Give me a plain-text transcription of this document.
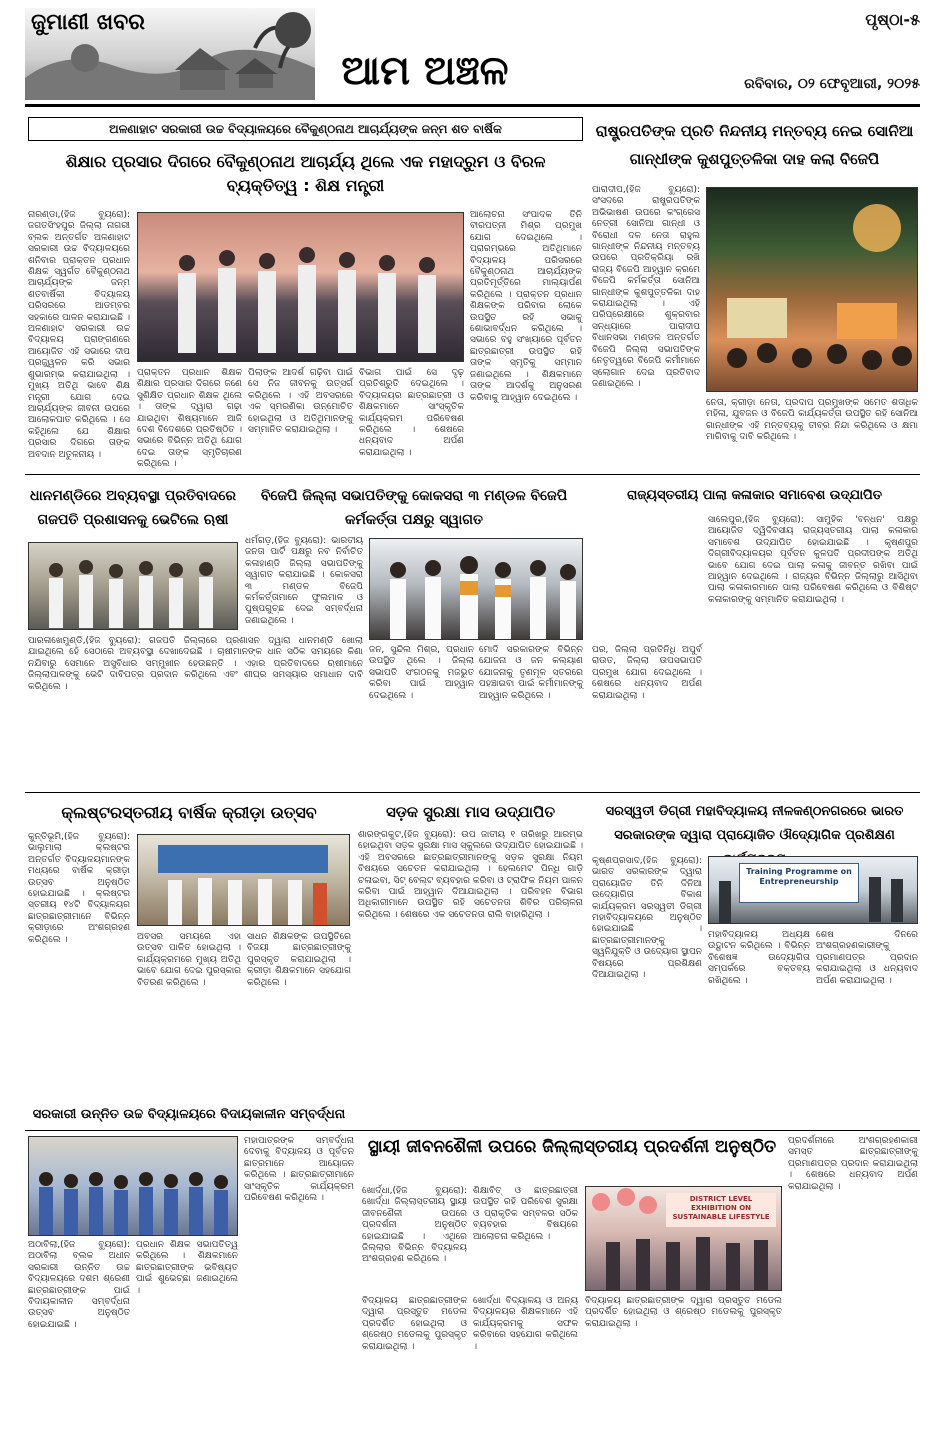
ଜୁମାଣୀ ଖବର
ଆମ ଅଞ୍ଚଳ
ପୃଷ୍ଠା-୫
ରବିବାର, ୦୨ ଫେବୃଆରୀ, ୨୦୨୫
ଅଳଣାହାଟ ସରକାରୀ ଉଚ୍ଚ ବିଦ୍ୟାଳୟରେ ବୈକୁଣ୍ଠନାଥ ଆଚାର୍ଯ୍ୟଙ୍କ ଜନ୍ମ ଶତ ବାର୍ଷିକ
ଶିକ୍ଷାର ପ୍ରସାର ଦିଗରେ ବୈକୁଣ୍ଠନାଥ ଆଚାର୍ଯ୍ୟ ଥିଲେ ଏକ ମହାଦ୍ରୁମ ଓ ବିରଳ ବ୍ୟକ୍ତିତ୍ୱ : ଶିକ୍ଷ ମନ୍ତ୍ରୀ
ନାରଣ୍ଡା,(ହିଜ ବ୍ୟୁରୋ): ଜଗତସିଂହପୁର ଜିଲ୍ଲା ନାଗରୀ ବ୍ଲକ ଅନ୍ତର୍ଗତ ଅଳଣାହାଟ ସରକାରୀ ଉଚ୍ଚ ବିଦ୍ୟାଳୟରେ ଶନିବାର ପ୍ରାକ୍ତନ ପ୍ରଧାନ ଶିକ୍ଷକ ସ୍ୱର୍ଗତ ବୈକୁଣ୍ଠନାଥ ଆଚାର୍ଯ୍ୟଙ୍କ ଜନ୍ମ ଶତବାର୍ଷିକୀ ବିଦ୍ୟାଳୟ ପରିସରରେ ଆଡମ୍ବର ସହକାରେ ପାଳନ କରାଯାଇଛି । ଅଳଣାହାଟ ସରକାରୀ ଉଚ୍ଚ ବିଦ୍ୟାଳୟ ପ୍ରାଙ୍ଗଣରେ ଆୟୋଜିତ ଏହି ସଭାରେ ଦୀପ ପ୍ରଜ୍ଜ୍ୱଳନ କରି ସଭାର ଶୁଭାରମ୍ଭ କରାଯାଇଥିଲା । ମୁଖ୍ୟ ଅତିଥି ଭାବେ ଶିକ୍ଷ ମନ୍ତ୍ରୀ ଯୋଗ ଦେଇ ଆଚାର୍ଯ୍ୟଙ୍କ ଜୀବନୀ ଉପରେ ଆଲୋକପାତ କରିଥିଲେ । ସେ କହିଥିଲେ ଯେ ଶିକ୍ଷାର ପ୍ରସାର ଦିଗରେ ତାଙ୍କ ଅବଦାନ ଅତୁଳନୀୟ ।
ପ୍ରାକ୍ତନ ପ୍ରଧାନ ଶିକ୍ଷକ ଶିକ୍ଷାର ପ୍ରସାର ଦିଗରେ ଜଣେ ସୁଶିକ୍ଷିତ ପ୍ରଧାନ ଶିକ୍ଷକ ଥିଲେ । ତାଙ୍କ ଦ୍ୱାରା ଗଢ଼ା ଯାଇଥିବା ଶିଷ୍ୟମାନେ ଆଜି ଦେଶ ବିଦେଶରେ ପ୍ରତିଷ୍ଠିତ । ସଭାରେ ବିଭିନ୍ନ ଅତିଥି ଯୋଗ ଦେଇ ତାଙ୍କ ସ୍ମୃତିଚାରଣ କରିଥିଲେ ।
ପିଲାଙ୍କ ଆଦର୍ଶ ଗଢ଼ିବା ପାଇଁ ସେ ନିଜ ଜୀବନକୁ ଉତ୍ସର୍ଗ କରିଥିଲେ । ଏହି ଅବସରରେ ଏକ ସ୍ମରଣିକା ଉନ୍ମୋଚିତ ହୋଇଥିଲା ଓ ଅତିଥିମାନଙ୍କୁ ସମ୍ମାନିତ କରାଯାଇଥିଲା ।
ବିଭାଗ ପାଇଁ ସେ ଦୃଢ଼ ପ୍ରତିଶ୍ରୁତି ଦେଇଥିଲେ । ବିଦ୍ୟାଳୟର ଛାତ୍ରଛାତ୍ରୀ ଓ ଶିକ୍ଷକମାନେ ସାଂସ୍କୃତିକ କାର୍ଯ୍ୟକ୍ରମ ପରିବେଷଣ କରିଥିଲେ । ଶେଷରେ ଧନ୍ୟବାଦ ଅର୍ପଣ କରାଯାଇଥିଲା ।
ଆଲୋଚନା ସଂପାଦକ ତିନି ବୀରପତ୍ନୀ ମିଶ୍ର ପ୍ରମୁଖ ଯୋଗ ଦେଇଥିଲେ । ପ୍ରାରମ୍ଭରେ ଅତିଥିମାନେ ବିଦ୍ୟାଳୟ ପରିସରରେ ବୈକୁଣ୍ଠନାଥ ଆଚାର୍ଯ୍ୟଙ୍କ ପ୍ରତିମୂର୍ତ୍ତିରେ ମାଲ୍ୟାର୍ପଣ କରିଥିଲେ । ପ୍ରାକ୍ତନ ପ୍ରଧାନ ଶିକ୍ଷକଙ୍କ ପରିବାର ଲୋକେ ଉପସ୍ଥିତ ରହି ସଭାକୁ ଶୋଭାବର୍ଦ୍ଧନ କରିଥିଲେ । ସଭାରେ ବହୁ ସଂଖ୍ୟାରେ ପୂର୍ବତନ ଛାତ୍ରଛାତ୍ରୀ ଉପସ୍ଥିତ ରହି ତାଙ୍କ ସ୍ମୃତିକୁ ସମ୍ମାନ ଜଣାଇଥିଲେ । ଶିକ୍ଷକମାନେ ତାଙ୍କ ଆଦର୍ଶକୁ ଅନୁସରଣ କରିବାକୁ ଆହ୍ୱାନ ଦେଇଥିଲେ ।
ରାଷ୍ଟ୍ରପତିଙ୍କ ପ୍ରତି ନିନ୍ଦନୀୟ ମନ୍ତବ୍ୟ ନେଇ ସୋନିଆ ଗାନ୍ଧୀଙ୍କ କୁଶପୁତ୍ତଳିକା ଦାହ କଲା ବିଜେପି
ପାରାଦୀପ,(ହିଜ ବ୍ୟୁରୋ): ସଂସଦରେ ରାଷ୍ଟ୍ରପତିଙ୍କ ଅଭିଭାଷଣ ଉପରେ କଂଗ୍ରେସ ନେତ୍ରୀ ସୋନିଆ ଗାନ୍ଧୀ ଓ ବିରୋଧୀ ଦଳ ନେତା ରାହୁଲ ଗାନ୍ଧୀଙ୍କ ନିନ୍ଦନୀୟ ମନ୍ତବ୍ୟ ଉପରେ ପ୍ରତିକ୍ରିୟା ରଖି ରାଜ୍ୟ ବିଜେପି ଆହ୍ୱାନ କ୍ରମେ ବିଜେପି କର୍ମକର୍ତ୍ତା ସୋନିଆ ଗାନ୍ଧୀଙ୍କ କୁଶପୁତ୍ତଳିକା ଦାହ କରାଯାଇଥିଲା । ଏହି ପରିପ୍ରେକ୍ଷୀରେ ଶୁକ୍ରବାର ସନ୍ଧ୍ୟାରେ ପାରାଦୀପ ବିଧାନସଭା ମଣ୍ଡଳ ଅନ୍ତର୍ଗତ ବିଜେପି ଜିଲ୍ଲା ସଭାପତିଙ୍କ ନେତୃତ୍ୱରେ ବିଜେପି କର୍ମୀମାନେ ସ୍ଲୋଗାନ ଦେଇ ପ୍ରତିବାଦ ଜଣାଇଥିଲେ ।
ନେତା, କ୍ରୀଡ଼ା ନେତା, ପ୍ରଦାପ ପ୍ରମୁଖଙ୍କ ସମେତ ଶତାଧିକ ମହିଳା, ଯୁବଜନ ଓ ବିଜେପି କାର୍ଯ୍ୟକର୍ତ୍ତା ଉପସ୍ଥିତ ରହି ସୋନିଆ ଗାନ୍ଧୀଙ୍କ ଏହି ମନ୍ତବ୍ୟକୁ ତୀବ୍ର ନିନ୍ଦା କରିଥିଲେ ଓ କ୍ଷମା ମାଗିବାକୁ ଦାବି କରିଥିଲେ ।
ଧାନମଣ୍ଡିରେ ଅବ୍ୟବସ୍ଥା ପ୍ରତିବାଦରେ ଗଜପତି ପ୍ରଶାସନକୁ ଭେଟିଲେ ଋଷୀ
ପାରଳାଖେମୁଣ୍ଡି,(ହିଜ ବ୍ୟୁରୋ): ଗଜପତି ଜିଲ୍ଲାରେ ପ୍ରଶାସନ ଦ୍ୱାରା ଧାନମଣ୍ଡି ଖୋଲା ଯାଇଥିଲେ ହେଁ ସେଠାରେ ଅବ୍ୟବସ୍ଥା ଦେଖାଦେଇଛି । ଚାଷୀମାନଙ୍କ ଧାନ ସଠିକ ସମୟରେ କିଣା ନଯିବାରୁ ସେମାନେ ଅସୁବିଧାର ସମ୍ମୁଖୀନ ହେଉଛନ୍ତି । ଏହାର ପ୍ରତିବାଦରେ ଋଷୀମାନେ ଜିଲ୍ଲାପାଳଙ୍କୁ ଭେଟି ଦାବିପତ୍ର ପ୍ରଦାନ କରିଥିଲେ ଏବଂ ଶୀଘ୍ର ସମସ୍ୟାର ସମାଧାନ ଦାବି କରିଥିଲେ ।
ବିଜେପି ଜିଲ୍ଲା ସଭାପତିଙ୍କୁ କୋକସରା ୩ ମଣ୍ଡଳ ବିଜେପି କର୍ମକର୍ତ୍ତା ପକ୍ଷରୁ ସ୍ୱାଗତ
ଧର୍ମଗଡ଼,(ହିଜ ବ୍ୟୁରୋ): ଭାରତୀୟ ଜନତା ପାର୍ଟି ପକ୍ଷରୁ ନବ ନିର୍ବାଚିତ କଳାହାଣ୍ଡି ଜିଲ୍ଲା ସଭାପତିଙ୍କୁ ସ୍ୱାଗତ କରାଯାଇଛି । କୋକସରା ୩ ମଣ୍ଡଳ ବିଜେପି କର୍ମକର୍ତ୍ତାମାନେ ଫୁଲମାଳ ଓ ପୁଷ୍ପଗୁଚ୍ଛ ଦେଇ ସମ୍ବର୍ଦ୍ଧନା ଜଣାଇଥିଲେ ।
ଜନ, ସୁନ୍ଦିଲ ମିଶ୍ର, ପ୍ରଧାନ ଉପସ୍ଥିତ ଥିଲେ । ଜିଲ୍ଲା ସଭାପତି ସଂଗଠନକୁ ମଜଭୁତ କରିବା ପାଇଁ ଆହ୍ୱାନ ଦେଇଥିଲେ ।
ମୋଦି ସରକାରଙ୍କ ବିଭିନ୍ନ ଯୋଜନା ଓ ଜନ କଲ୍ୟାଣ ଯୋଜନାକୁ ତୃଣମୂଳ ସ୍ତରରେ ପହଞ୍ଚାଇବା ପାଇଁ କର୍ମୀମାନଙ୍କୁ ଆହ୍ୱାନ କରିଥିଲେ ।
ପର, ଜିଲ୍ଲା ପ୍ରତିନିଧି ଅପୁର୍ବ ରାଉତ, ଜିଲ୍ଲା ଉପସଭାପତି ପ୍ରମୁଖ ଯୋଗ ଦେଇଥିଲେ । ଶେଷରେ ଧନ୍ୟବାଦ ଅର୍ପଣ କରାଯାଇଥିଲା ।
ରାଜ୍ୟସ୍ତରୀୟ ପାଲା କଳାକାର ସମାବେଶ ଉଦ୍ଯାପିତ
ସାଲେପୁର,(ହିଜ ବ୍ୟୁରୋ): ସାମୁହିକ 'ବନ୍ଧନ' ପକ୍ଷରୁ ଆୟୋଜିତ ଦ୍ୱିଦିବସୀୟ ରାଜ୍ୟସ୍ତରୀୟ ପାଲା କଳାକାର ସମାବେଶ ଉଦ୍ଯାପିତ ହୋଇଯାଇଛି । କୃଷ୍ଣପୁର ଦିଗ୍ରୀବିଦ୍ୟାଳୟର ପୂର୍ବତନ କୁଳପତି ପ୍ରଦୀପଙ୍କ ଅତିଥି ଭାବେ ଯୋଗ ଦେଇ ପାଲା କଳାକୁ ଜୀବନ୍ତ ରଖିବା ପାଇଁ ଆହ୍ୱାନ ଦେଇଥିଲେ । ରାଜ୍ୟର ବିଭିନ୍ନ ଜିଲ୍ଲାରୁ ଆସିଥିବା ପାଲା କଳାକାରମାନେ ପାଲା ପରିବେଷଣ କରିଥିଲେ ଓ ବିଶିଷ୍ଟ କଳାକାରଙ୍କୁ ସମ୍ମାନିତ କରାଯାଇଥିଲା ।
କ୍ଲଷ୍ଟରସ୍ତରୀୟ ବାର୍ଷିକ କ୍ରୀଡ଼ା ଉତ୍ସବ
କୁନ୍ତିଭୂମି,(ହିଜ ବ୍ୟୁରୋ): ଭାଲୁମାଲା କ୍ଲଷ୍ଟର ଅନ୍ତର୍ଗତ ବିଦ୍ୟାଳୟମାନଙ୍କ ମଧ୍ୟରେ ବାର୍ଷିକ କ୍ରୀଡ଼ା ଉତ୍ସବ ଅନୁଷ୍ଠିତ ହୋଇଯାଇଛି । କ୍ଲଷ୍ଟର ସ୍ତରୀୟ ୧୪ଟି ବିଦ୍ୟାଳୟର ଛାତ୍ରଛାତ୍ରୀମାନେ ବିଭିନ୍ନ କ୍ରୀଡ଼ାରେ ଅଂଶଗ୍ରହଣ କରିଥିଲେ ।	ଅବସର ସମୟରେ ଏହା ଉତ୍ସବ ପାଳିତ ହୋଇଥିଲା । କାର୍ଯ୍ୟକ୍ରମରେ ମୁଖ୍ୟ ଅତିଥି ଭାବେ ଯୋଗ ଦେଇ ପୁରସ୍କାର ବିତରଣ କରିଥିଲେ ।
ସାଧନ ଶିକ୍ଷକଙ୍କ ଉପସ୍ଥିତିରେ ବିଜୟୀ ଛାତ୍ରଛାତ୍ରୀଙ୍କୁ ପୁରସ୍କୃତ କରାଯାଇଥିଲା । କ୍ରୀଡ଼ା ଶିକ୍ଷକମାନେ ସହଯୋଗ କରିଥିଲେ ।
ସଡ଼କ ସୁରକ୍ଷା ମାସ ଉଦ୍ଯାପିତ
ଶାରଙ୍ଗକୁଟ,(ହିଜ ବ୍ୟୁରୋ): ଉପ ଜାତୀୟ ୧ ତାରିଖରୁ ଆରମ୍ଭ ହୋଇଥିବା ସଡ଼କ ସୁରକ୍ଷା ମାସ ସ୍କୁଲରେ ଉଦ୍ଯାପିତ ହୋଇଯାଇଛି । ଏହି ଅବସରରେ ଛାତ୍ରଛାତ୍ରୀମାନଙ୍କୁ ସଡ଼କ ସୁରକ୍ଷା ନିୟମ ବିଷୟରେ ସଚେତନ କରାଯାଇଥିଲା । ହେଲମେଟ ପିନ୍ଧି ଗାଡ଼ି ଚଳାଇବା, ସିଟ୍ ବେଲ୍ଟ ବ୍ୟବହାର କରିବା ଓ ଟ୍ରାଫିକ ନିୟମ ପାଳନ କରିବା ପାଇଁ ଆହ୍ୱାନ ଦିଆଯାଇଥିଲା । ପରିବହନ ବିଭାଗ ଅଧିକାରୀମାନେ ଉପସ୍ଥିତ ରହି ସଚେତନତା ଶିବିର ପରିଚାଳନା କରିଥିଲେ । ଶେଷରେ ଏକ ସଚେତନତା ରାଲି ବାହାରିଥିଲା ।
ସରସ୍ୱତୀ ଡିଗ୍ରୀ ମହାବିଦ୍ୟାଳୟ ନୀଳକଣ୍ଠନଗରରେ ଭାରତ ସରକାରଙ୍କ ଦ୍ୱାରା ପ୍ରାୟୋଜିତ ଔଦ୍ୟୋଗିକ ପ୍ରଶିକ୍ଷଣ
କୃଷ୍ଣପ୍ରସାଦ,(ହିଜ ବ୍ୟୁରୋ): ଭାରତ ସରକାରଙ୍କ ଦ୍ୱାରା ପ୍ରାୟୋଜିତ ତିନି ଦିନିଆ ଉଦ୍ୟୋଗିତା ବିକାଶ କାର୍ଯ୍ୟକ୍ରମ ସରସ୍ୱତୀ ଡିଗ୍ରୀ ମହାବିଦ୍ୟାଳୟରେ ଅନୁଷ୍ଠିତ ହୋଇଯାଇଛି । ଛାତ୍ରଛାତ୍ରୀମାନଙ୍କୁ ସ୍ୱନିଯୁକ୍ତି ଓ ଉଦ୍ୟୋଗ ସ୍ଥାପନ ବିଷୟରେ ପ୍ରଶିକ୍ଷଣ ଦିଆଯାଇଥିଲା ।
Training Programme on Entrepreneurship
ମହାବିଦ୍ୟାଳୟ ଅଧ୍ୟକ୍ଷ ଉଦ୍ଘାଟନ କରିଥିଲେ । ବିଭିନ୍ନ ବିଶେଷଜ୍ଞ ଉଦ୍ୟୋଗିତା ସମ୍ପର୍କରେ ବକ୍ତବ୍ୟ ରଖିଥିଲେ ।
ଶେଷ ଦିନରେ ଅଂଶଗ୍ରହଣକାରୀଙ୍କୁ ପ୍ରମାଣପତ୍ର ପ୍ରଦାନ କରାଯାଇଥିଲା ଓ ଧନ୍ୟବାଦ ଅର୍ପଣ କରାଯାଇଥିଲା ।
ସରକାରୀ ଉନ୍ନିତ ଉଚ୍ଚ ବିଦ୍ୟାଳୟରେ ବିଦାୟକାଳୀନ ସମ୍ବର୍ଦ୍ଧନା
ଅଠାବିଲା,(ହିଜ ବ୍ୟୁରୋ): ଅଠାବିଲା ବ୍ଲକ ଅଧୀନ ସରକାରୀ ଉନ୍ନିତ ଉଚ୍ଚ ବିଦ୍ୟାଳୟରେ ଦଶମ ଶ୍ରେଣୀ ଛାତ୍ରଛାତ୍ରୀଙ୍କ ପାଇଁ ବିଦାୟକାଳୀନ ସମ୍ବର୍ଦ୍ଧନା ଉତ୍ସବ ଅନୁଷ୍ଠିତ ହୋଇଯାଇଛି ।
ପ୍ରଧାନ ଶିକ୍ଷକ ସଭାପତିତ୍ୱ କରିଥିଲେ । ଶିକ୍ଷକମାନେ ଛାତ୍ରଛାତ୍ରୀଙ୍କ ଭବିଷ୍ୟତ ପାଇଁ ଶୁଭେଚ୍ଛା ଜଣାଇଥିଲେ ।
ମହାପାତ୍ରଙ୍କ ସମ୍ବର୍ଦ୍ଧନା ଦେବାକୁ ବିଦ୍ୟାଳୟ ଓ ପୂର୍ବତନ ଛାତ୍ରମାନେ ଆୟୋଜନ କରିଥିଲେ । ଛାତ୍ରଛାତ୍ରୀମାନେ ସାଂସ୍କୃତିକ କାର୍ଯ୍ୟକ୍ରମ ପରିବେଷଣ କରିଥିଲେ ।
ସ୍ଥାୟୀ ଜୀବନଶୈଳୀ ଉପରେ ଜିଲ୍ଲାସ୍ତରୀୟ ପ୍ରଦର୍ଶନୀ ଅନୁଷ୍ଠିତ
ଖୋର୍ଦ୍ଧା,(ହିଜ ବ୍ୟୁରୋ): ଖୋର୍ଦ୍ଧା ଜିଲ୍ଲାସ୍ତରୀୟ ସ୍ଥାୟୀ ଜୀବନଶୈଳୀ ଉପରେ ପ୍ରଦର୍ଶନୀ ଅନୁଷ୍ଠିତ ହୋଇଯାଇଛି । ଏଥିରେ ଜିଲ୍ଲାର ବିଭିନ୍ନ ବିଦ୍ୟାଳୟ ଅଂଶଗ୍ରହଣ କରିଥିଲେ ।
ଶିକ୍ଷାବିତ୍ ଓ ଛାତ୍ରଛାତ୍ରୀ ଉପସ୍ଥିତ ରହି ପରିବେଶ ସୁରକ୍ଷା ଓ ପ୍ରାକୃତିକ ସମ୍ବଳର ସଠିକ ବ୍ୟବହାର ବିଷୟରେ ଆଲୋଚନା କରିଥିଲେ ।
DISTRICT LEVEL EXHIBITION ON SUSTAINABLE LIFESTYLE
ବିଦ୍ୟାଳୟ ଛାତ୍ରଛାତ୍ରୀଙ୍କ ଦ୍ୱାରା ପ୍ରସ୍ତୁତ ମଡେଲ ପ୍ରଦର୍ଶିତ ହୋଇଥିଲା ଓ ଶ୍ରେଷ୍ଠ ମଡେଲକୁ ପୁରସ୍କୃତ କରାଯାଇଥିଲା ।
ଖୋର୍ଦ୍ଧା ବିଦ୍ୟାଳୟ ଓ ଅନ୍ୟ ବିଦ୍ୟାଳୟର ଶିକ୍ଷକମାନେ ଏହି କାର୍ଯ୍ୟକ୍ରମକୁ ସଫଳ କରିବାରେ ସହଯୋଗ କରିଥିଲେ ।
ପ୍ରଦର୍ଶନୀରେ ଅଂଶଗ୍ରହଣକାରୀ ସମସ୍ତ ଛାତ୍ରଛାତ୍ରୀଙ୍କୁ ପ୍ରମାଣପତ୍ର ପ୍ରଦାନ କରାଯାଇଥିଲା । ଶେଷରେ ଧନ୍ୟବାଦ ଅର୍ପଣ କରାଯାଇଥିଲା ।
ବିଦ୍ୟାଳୟ ଛାତ୍ରଛାତ୍ରୀଙ୍କ ଦ୍ୱାରା ପ୍ରସ୍ତୁତ ମଡେଲ ପ୍ରଦର୍ଶିତ ହୋଇଥିଲା ଓ ଶ୍ରେଷ୍ଠ ମଡେଲକୁ ପୁରସ୍କୃତ କରାଯାଇଥିଲା ।
